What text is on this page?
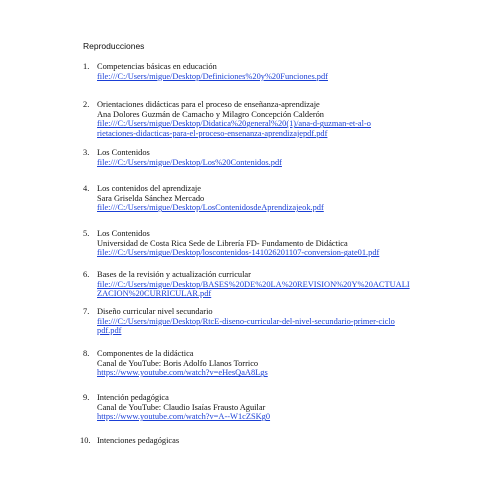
Reproducciones
1. Competencias básicas en educación
file:///C:/Users/migue/Desktop/Definiciones%20y%20Funciones.pdf
2. Orientaciones didácticas para el proceso de enseñanza-aprendizaje
Ana Dolores Guzmán de Camacho y Milagro Concepción Calderón
file:///C:/Users/migue/Desktop/Didatica%20general%20(1)/ana-d-guzman-et-al-orietaciones-didacticas-para-el-proceso-ensenanza-aprendizajepdf.pdf
3. Los Contenidos
file:///C:/Users/migue/Desktop/Los%20Contenidos.pdf
4. Los contenidos del aprendizaje
Sara Griselda Sánchez Mercado
file:///C:/Users/migue/Desktop/LosContenidosdeAprendizajeok.pdf
5. Los Contenidos
Universidad de Costa Rica Sede de Librería FD- Fundamento de Didáctica
file:///C:/Users/migue/Desktop/loscontenidos-141026201107-conversion-gate01.pdf
6. Bases de la revisión y actualización curricular
file:///C:/Users/migue/Desktop/BASES%20DE%20LA%20REVISION%20Y%20ACTUALIZACION%20CURRICULAR.pdf
7. Diseño curricular nivel secundario
file:///C:/Users/migue/Desktop/RtcE-diseno-curricular-del-nivel-secundario-primer-ciclopdf.pdf
8. Componentes de la didáctica
Canal de YouTube: Boris Adolfo Llanos Torrico
https://www.youtube.com/watch?v=eHesQaA8Lgs
9. Intención pedagógica
Canal de YouTube: Claudio Isaías Frausto Aguilar
https://www.youtube.com/watch?v=A--W1cZSKg0
10. Intenciones pedagógicas
